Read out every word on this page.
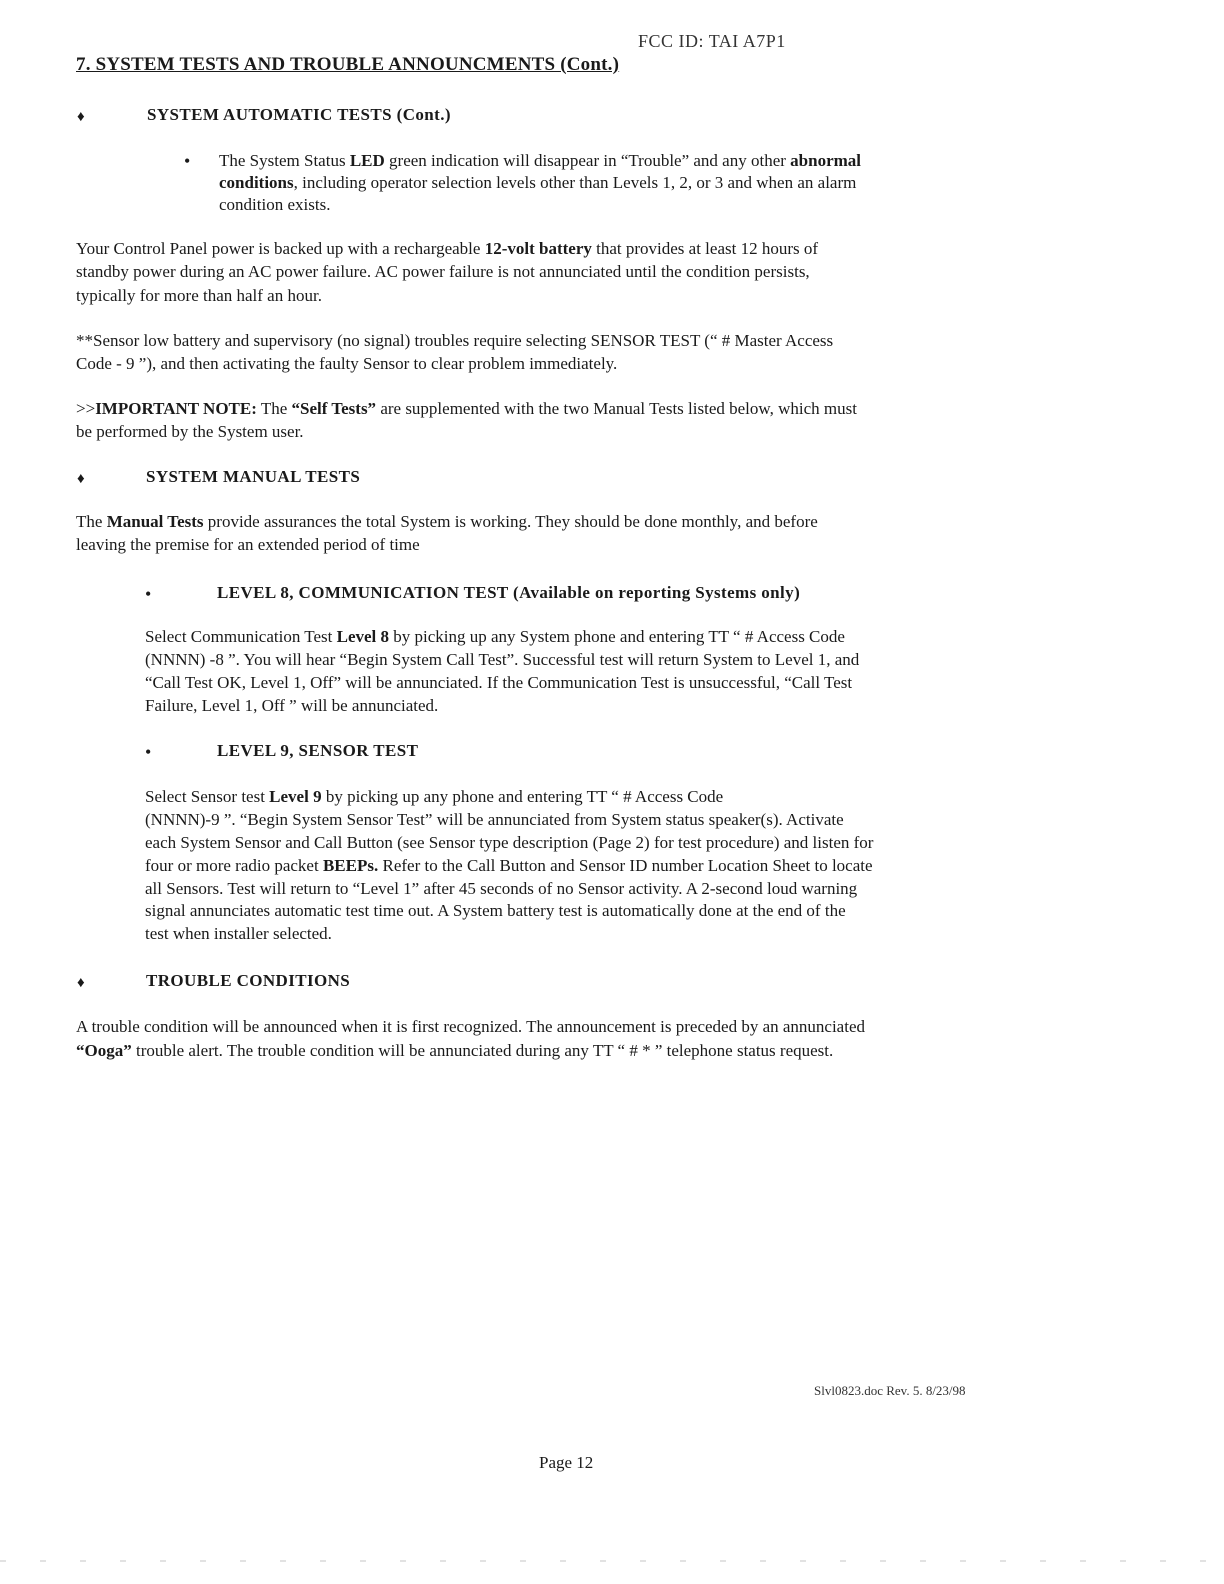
FCC ID: TAI A7P1
7. SYSTEM TESTS AND TROUBLE ANNOUNCMENTS (Cont.)
♦	SYSTEM AUTOMATIC TESTS (Cont.)
• The System Status LED green indication will disappear in “Trouble” and any other abnormal
conditions, including operator selection levels other than Levels 1, 2, or 3 and when an alarm
condition exists.
Your Control Panel power is backed up with a rechargeable 12-volt battery that provides at least 12 hours of
standby power during an AC power failure. AC power failure is not annunciated until the condition persists,
typically for more than half an hour.
**Sensor low battery and supervisory (no signal) troubles require selecting SENSOR TEST (“ # Master Access
Code - 9 ”), and then activating the faulty Sensor to clear problem immediately.
>>IMPORTANT NOTE: The “Self Tests” are supplemented with the two Manual Tests listed below, which must
be performed by the System user.
♦	SYSTEM MANUAL TESTS
The Manual Tests provide assurances the total System is working. They should be done monthly, and before
leaving the premise for an extended period of time
•	LEVEL 8, COMMUNICATION TEST (Available on reporting Systems only)
Select Communication Test Level 8 by picking up any System phone and entering TT “ # Access Code
(NNNN) -8 ”. You will hear “Begin System Call Test”. Successful test will return System to Level 1, and
“Call Test OK, Level 1, Off” will be annunciated. If the Communication Test is unsuccessful, “Call Test
Failure, Level 1, Off ” will be annunciated.
•	LEVEL 9, SENSOR TEST
Select Sensor test Level 9 by picking up any phone and entering TT “ # Access Code
(NNNN)-9 ”. “Begin System Sensor Test” will be annunciated from System status speaker(s). Activate
each System Sensor and Call Button (see Sensor type description (Page 2) for test procedure) and listen for
four or more radio packet BEEPs. Refer to the Call Button and Sensor ID number Location Sheet to locate
all Sensors. Test will return to “Level 1” after 45 seconds of no Sensor activity. A 2-second loud warning
signal annunciates automatic test time out. A System battery test is automatically done at the end of the
test when installer selected.
♦	TROUBLE CONDITIONS
A trouble condition will be announced when it is first recognized. The announcement is preceded by an annunciated
“Ooga” trouble alert. The trouble condition will be annunciated during any TT “ # * ” telephone status request.
Slvl0823.doc Rev. 5. 8/23/98
Page 12
